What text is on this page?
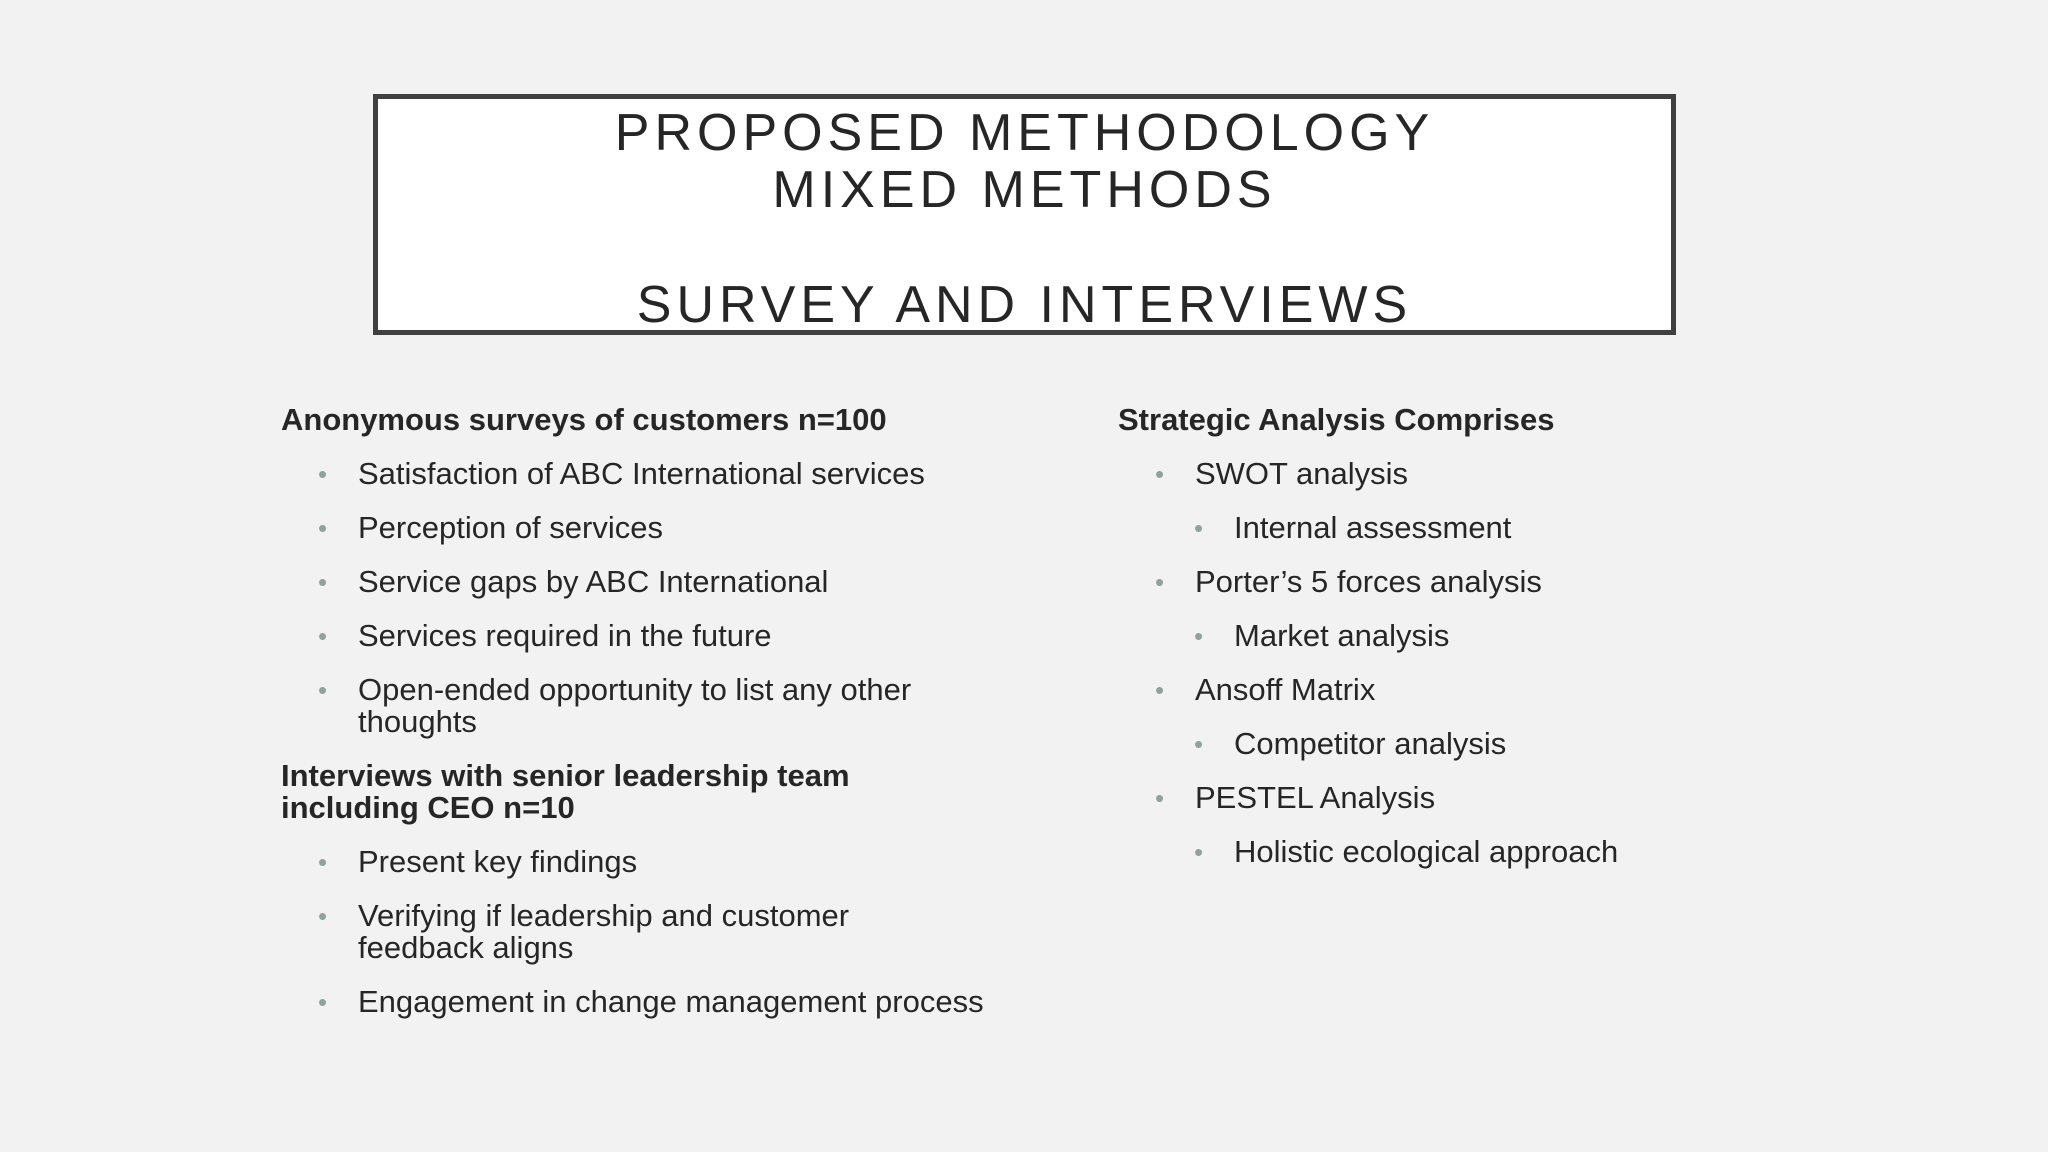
PROPOSED METHODOLOGY
MIXED METHODS
SURVEY AND INTERVIEWS
Anonymous surveys of customers n=100
• Satisfaction of ABC International services
• Perception of services
• Service gaps by ABC International
• Services required in the future
• Open-ended opportunity to list any other thoughts
Interviews with senior leadership team including CEO n=10
• Present key findings
• Verifying if leadership and customer feedback aligns
• Engagement in change management process
Strategic Analysis Comprises
• SWOT analysis
• Internal assessment
• Porter’s 5 forces analysis
• Market analysis
• Ansoff Matrix
• Competitor analysis
• PESTEL Analysis
• Holistic ecological approach
